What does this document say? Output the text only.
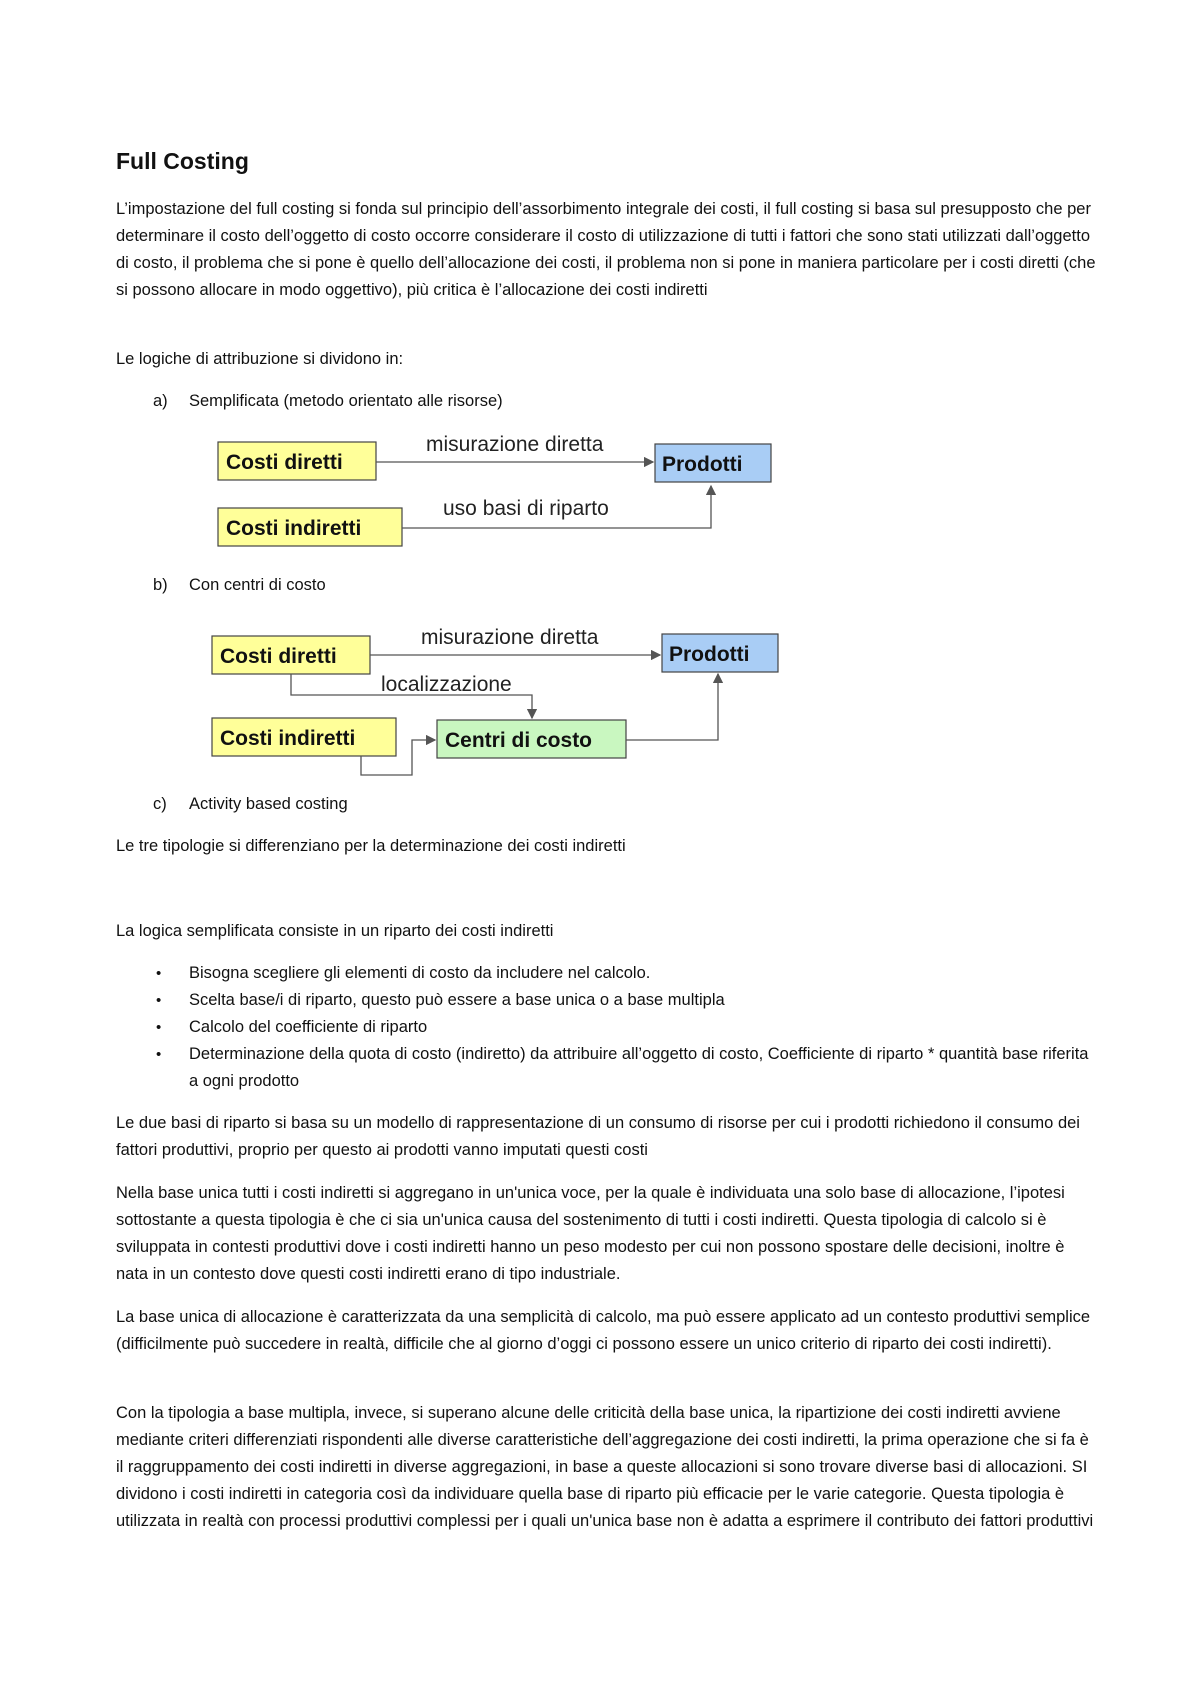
Full Costing

L’impostazione del full costing si fonda sul principio dell’assorbimento integrale dei costi, il full costing si basa sul presupposto che per determinare il costo dell’oggetto di costo occorre considerare il costo di utilizzazione di tutti i fattori che sono stati utilizzati dall’oggetto di costo, il problema che si pone è quello dell’allocazione dei costi, il problema non si pone in maniera particolare per i costi diretti (che si possono allocare in modo oggettivo), più critica è l’allocazione dei costi indiretti

Le logiche di attribuzione si dividono in:

a) Semplificata (metodo orientato alle risorse)
Costi diretti	Prodotti
Costi indiretti
misurazione diretta
uso basi di riparto
b) Con centri di costo
Costi diretti	Prodotti
Costi indiretti	Centri di costo
misurazione diretta
localizzazione
c) Activity based costing

Le tre tipologie si differenziano per la determinazione dei costi indiretti

La logica semplificata consiste in un riparto dei costi indiretti

• Bisogna scegliere gli elementi di costo da includere nel calcolo.
• Scelta base/i di riparto, questo può essere a base unica o a base multipla
• Calcolo del coefficiente di riparto
• Determinazione della quota di costo (indiretto) da attribuire all’oggetto di costo, Coefficiente di riparto * quantità base riferita a ogni prodotto

Le due basi di riparto si basa su un modello di rappresentazione di un consumo di risorse per cui i prodotti richiedono il consumo dei fattori produttivi, proprio per questo ai prodotti vanno imputati questi costi

Nella base unica tutti i costi indiretti si aggregano in un'unica voce, per la quale è individuata una solo base di allocazione, l’ipotesi sottostante a questa tipologia è che ci sia un'unica causa del sostenimento di tutti i costi indiretti. Questa tipologia di calcolo si è sviluppata in contesti produttivi dove i costi indiretti hanno un peso modesto per cui non possono spostare delle decisioni, inoltre è nata in un contesto dove questi costi indiretti erano di tipo industriale.

La base unica di allocazione è caratterizzata da una semplicità di calcolo, ma può essere applicato ad un contesto produttivi semplice (difficilmente può succedere in realtà, difficile che al giorno d’oggi ci possono essere un unico criterio di riparto dei costi indiretti).

Con la tipologia a base multipla, invece, si superano alcune delle criticità della base unica, la ripartizione dei costi indiretti avviene mediante criteri differenziati rispondenti alle diverse caratteristiche dell’aggregazione dei costi indiretti, la prima operazione che si fa è il raggruppamento dei costi indiretti in diverse aggregazioni, in base a queste allocazioni si sono trovare diverse basi di allocazioni. SI dividono i costi indiretti in categoria così da individuare quella base di riparto più efficacie per le varie categorie. Questa tipologia è utilizzata in realtà con processi produttivi complessi per i quali un'unica base non è adatta a esprimere il contributo dei fattori produttivi
